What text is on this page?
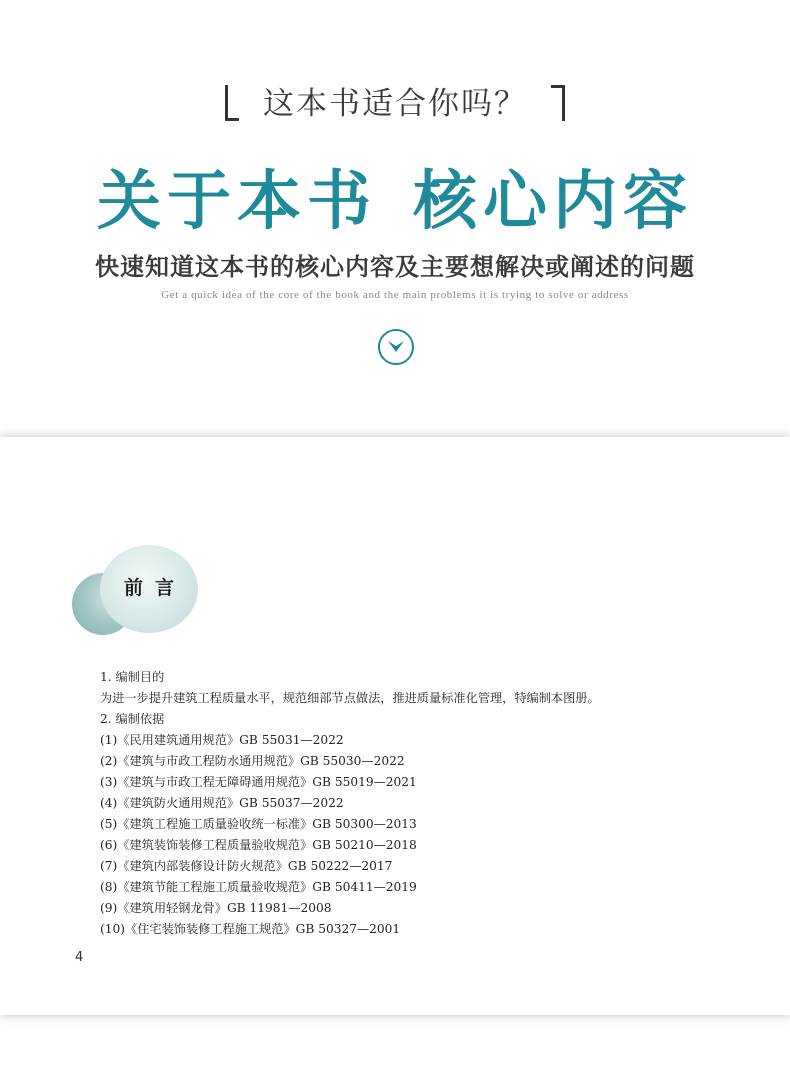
这本书适合你吗？
关于本书 核心内容
快速知道这本书的核心内容及主要想解决或阐述的问题
Get a quick idea of the core of the book and the main problems it is trying to solve or address
前言
1. 编制目的
为进一步提升建筑工程质量水平，规范细部节点做法，推进质量标准化管理，特编制本图册。
2. 编制依据
(1)《民用建筑通用规范》GB 55031—2022
(2)《建筑与市政工程防水通用规范》GB 55030—2022
(3)《建筑与市政工程无障碍通用规范》GB 55019—2021
(4)《建筑防火通用规范》GB 55037—2022
(5)《建筑工程施工质量验收统一标准》GB 50300—2013
(6)《建筑装饰装修工程质量验收规范》GB 50210—2018
(7)《建筑内部装修设计防火规范》GB 50222—2017
(8)《建筑节能工程施工质量验收规范》GB 50411—2019
(9)《建筑用轻钢龙骨》GB 11981—2008
(10)《住宅装饰装修工程施工规范》GB 50327—2001
4
